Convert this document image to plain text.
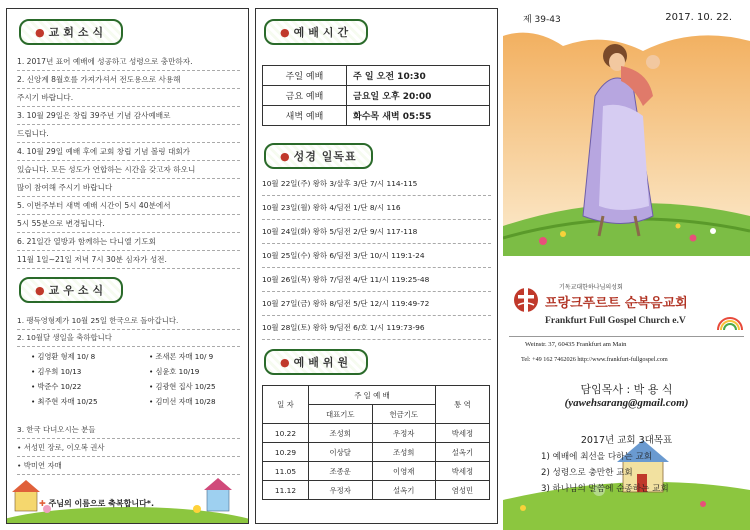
● 교회소식
1. 2017년 표어 예배에 성공하고 성령으로 충만하자.
2. 신앙계 8월호를 가져가셔서 전도용으로 사용해
주시기 바랍니다.
3. 10월 29일은 창립 39주년 기념 감사예배로
드립니다.
4. 10월 29일 예배 후에 교회 창립 기념 볼링 대회가
있습니다. 모든 성도가 연합하는 시간을 갖고자 하오니
많이 참여해 주시기 바랍니다
5. 이번주부터 새벽 예배 시간이 5시 40분에서
5시 55분으로 변경됩니다.
6. 21일간 열방과 함께하는 다니엘 기도회
11월 1일~21일 저녁 7시 30분 심자가 성전.
● 교우소식
1. 팽득영형제가 10월 25일 한국으로 돌아갑니다.
2. 10월달 생일을 축하합니다
• 김영환 형제 10/ 8	• 조새론 자매 10/ 9
• 김우희 10/13	• 심윤호 10/19
• 박준수 10/22	• 김광현 집사 10/25
• 최주현 자매 10/25	• 김미선 자매 10/28
3. 한국 다녀오시는 분들
• 서성민 장로, 이오복 권사
• 박미연 자매
✚ 주님의 이름으로 축복합니다*.
● 예배시간
주일 예배	주 일 오전 10:30
금요 예배	금요일 오후 20:00
새벽 예배	화수목 새벽 05:55
● 성경 일독표
10월 22일(주) 왕하 3/살후 3/단 7/시 114-115
10월 23일(월) 왕하 4/딤전 1/단 8/시 116
10월 24일(화) 왕하 5/딤전 2/단 9/시 117-118
10월 25일(수) 왕하 6/딤전 3/단 10/시 119:1-24
10월 26일(목) 왕하 7/딤전 4/단 11/시 119:25-48
10월 27일(금) 왕하 8/딤전 5/단 12/시 119:49-72
10월 28일(토) 왕하 9/딤전 6/호 1/시 119:73-96
● 예배위원
일 자	주 일 예 배		통 역
	대표기도	헌금기도	
10.22	조성희	우정자	박세정
10.29	이상달	조성희	설옥기
11.05	조종운	이영재	박세정
11.12	우정자	설옥기	염성민
제 39-43	2017. 10. 22.
기독교대한하나님의성회
프랑크푸르트 순복음교회
Frankfurt Full Gospel Church e.V
Weinstr. 37, 60435 Frankfurt am Main
Tel: +49 162 7462026 http://www.frankfurt-fullgospel.com
담임목사 : 박 용 식
(yawehsarang@gmail.com)
2017년 교회 3대목표
1) 예배에 최선을 다하는 교회
2) 성령으로 충만한 교회
3) 하나님의 말씀에 순종하는 교회
